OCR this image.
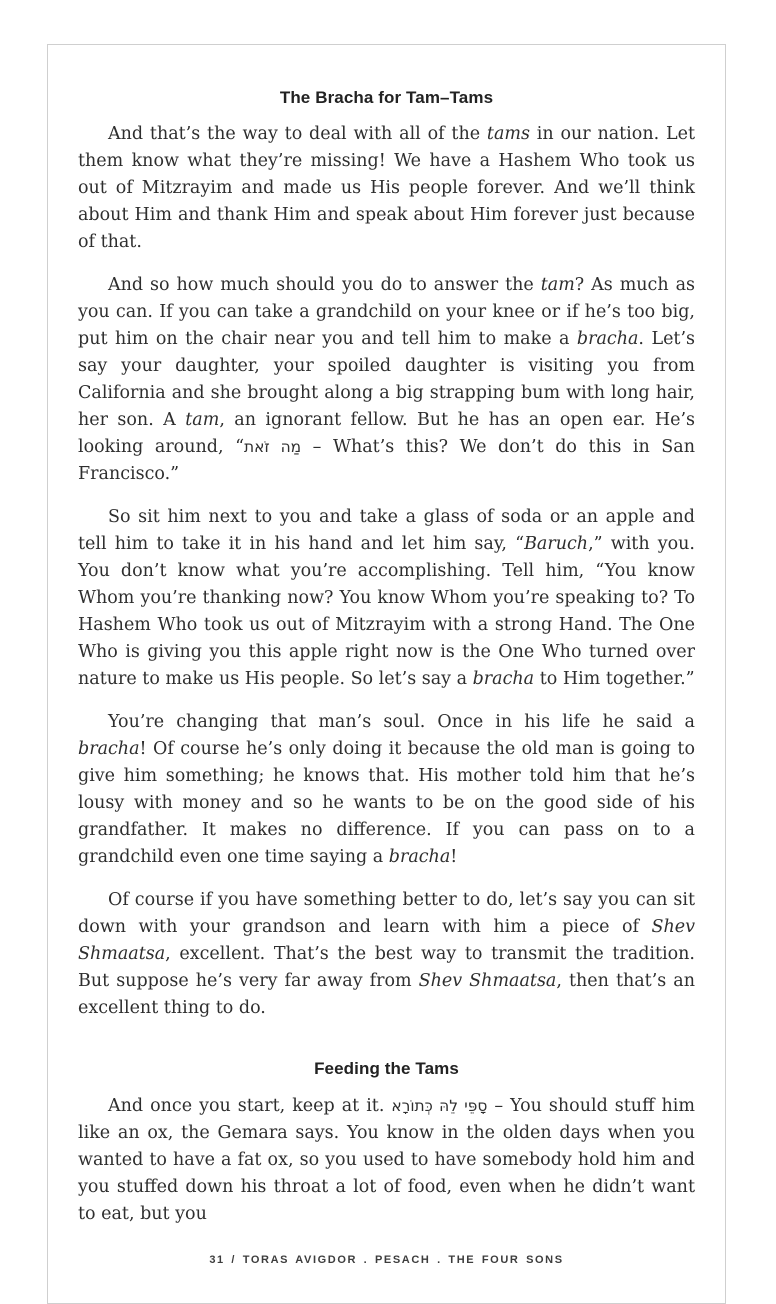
The Bracha for Tam–Tams

And that’s the way to deal with all of the tams in our nation. Let them know what they’re missing! We have a Hashem Who took us out of Mitzrayim and made us His people forever. And we’ll think about Him and thank Him and speak about Him forever just because of that.

And so how much should you do to answer the tam? As much as you can. If you can take a grandchild on your knee or if he’s too big, put him on the chair near you and tell him to make a bracha. Let’s say your daughter, your spoiled daughter is visiting you from California and she brought along a big strapping bum with long hair, her son. A tam, an ignorant fellow. But he has an open ear. He’s looking around, “מַה זֹאת – What’s this? We don’t do this in San Francisco.”

So sit him next to you and take a glass of soda or an apple and tell him to take it in his hand and let him say, “Baruch,” with you. You don’t know what you’re accomplishing. Tell him, “You know Whom you’re thanking now? You know Whom you’re speaking to? To Hashem Who took us out of Mitzrayim with a strong Hand. The One Who is giving you this apple right now is the One Who turned over nature to make us His people. So let’s say a bracha to Him together.”

You’re changing that man’s soul. Once in his life he said a bracha! Of course he’s only doing it because the old man is going to give him something; he knows that. His mother told him that he’s lousy with money and so he wants to be on the good side of his grandfather. It makes no difference. If you can pass on to a grandchild even one time saying a bracha!

Of course if you have something better to do, let’s say you can sit down with your grandson and learn with him a piece of Shev Shmaatsa, excellent. That’s the best way to transmit the tradition. But suppose he’s very far away from Shev Shmaatsa, then that’s an excellent thing to do.

Feeding the Tams

And once you start, keep at it. סָפֵּי לֵהּ כְּתוֹרָא – You should stuff him like an ox, the Gemara says. You know in the olden days when you wanted to have a fat ox, so you used to have somebody hold him and you stuffed down his throat a lot of food, even when he didn’t want to eat, but you

31 / TORAS AVIGDOR . PESACH . THE FOUR SONS
